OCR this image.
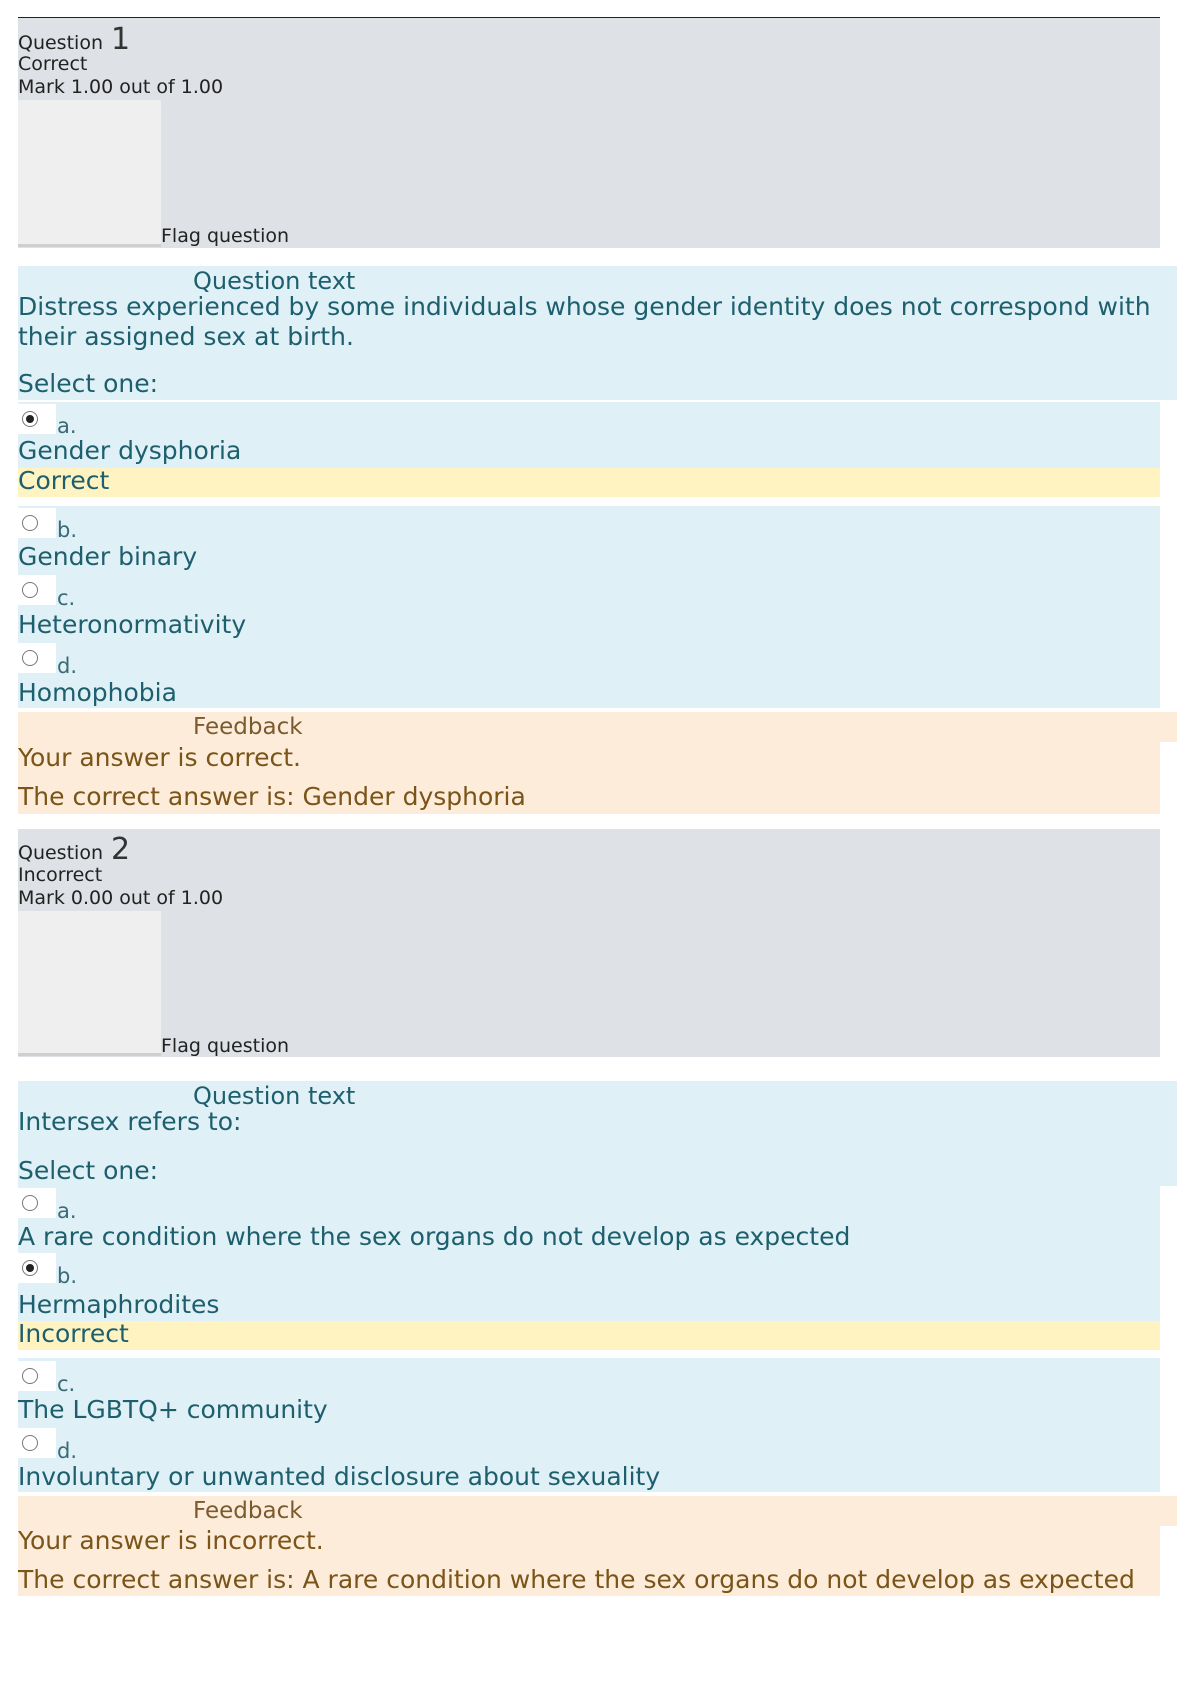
Question 1
Correct
Mark 1.00 out of 1.00
Flag question
Question text
Distress experienced by some individuals whose gender identity does not correspond with their assigned sex at birth.
Select one:
a.
Gender dysphoria
Correct
b.
Gender binary
c.
Heteronormativity
d.
Homophobia
Feedback
Your answer is correct.
The correct answer is: Gender dysphoria
Question 2
Incorrect
Mark 0.00 out of 1.00
Flag question
Question text
Intersex refers to:
Select one:
a.
A rare condition where the sex organs do not develop as expected
b.
Hermaphrodites
Incorrect
c.
The LGBTQ+ community
d.
Involuntary or unwanted disclosure about sexuality
Feedback
Your answer is incorrect.
The correct answer is: A rare condition where the sex organs do not develop as expected
